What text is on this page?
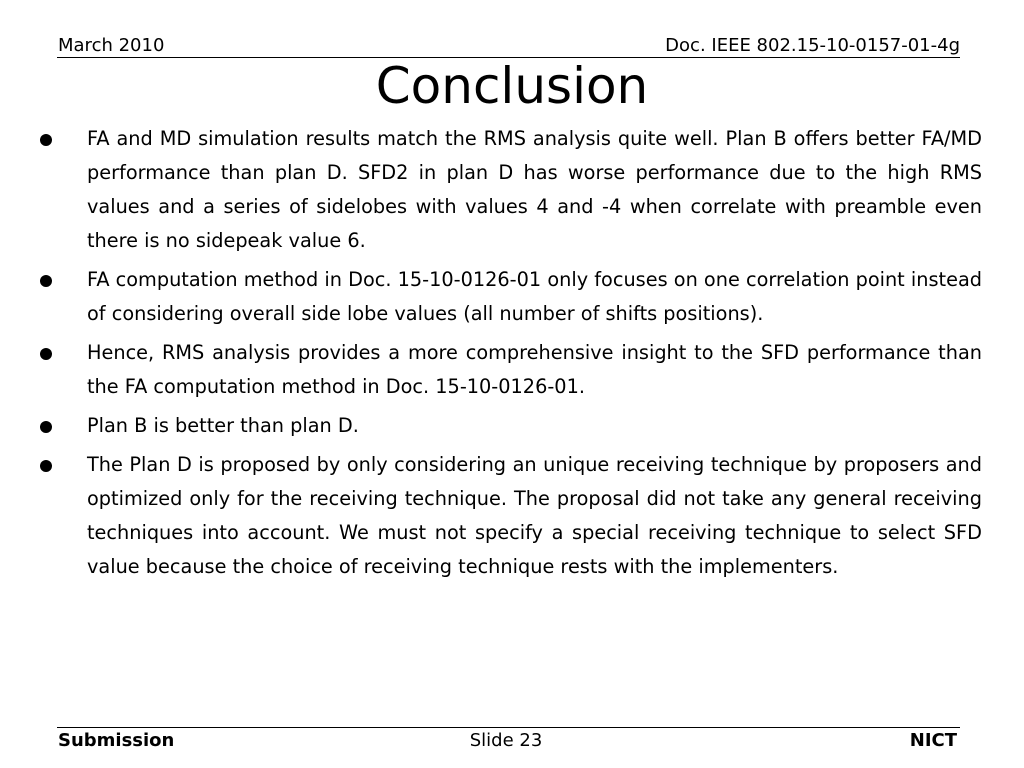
March 2010	Doc. IEEE 802.15-10-0157-01-4g
Conclusion
FA and MD simulation results match the RMS analysis quite well. Plan B offers better FA/MD performance than plan D. SFD2 in plan D has worse performance due to the high RMS values and a series of sidelobes with values 4 and -4 when correlate with preamble even there is no sidepeak value 6.
FA computation method in Doc. 15-10-0126-01 only focuses on one correlation point instead of considering overall side lobe values (all number of shifts positions).
Hence, RMS analysis provides a more comprehensive insight to the SFD performance than the FA computation method in Doc. 15-10-0126-01.
Plan B is better than plan D.
The Plan D is proposed by only considering an unique receiving technique by proposers and optimized only for the receiving technique. The proposal did not take any general receiving techniques into account. We must not specify a special receiving technique to select SFD value because the choice of receiving technique rests with the implementers.
Submission	Slide 23	NICT
